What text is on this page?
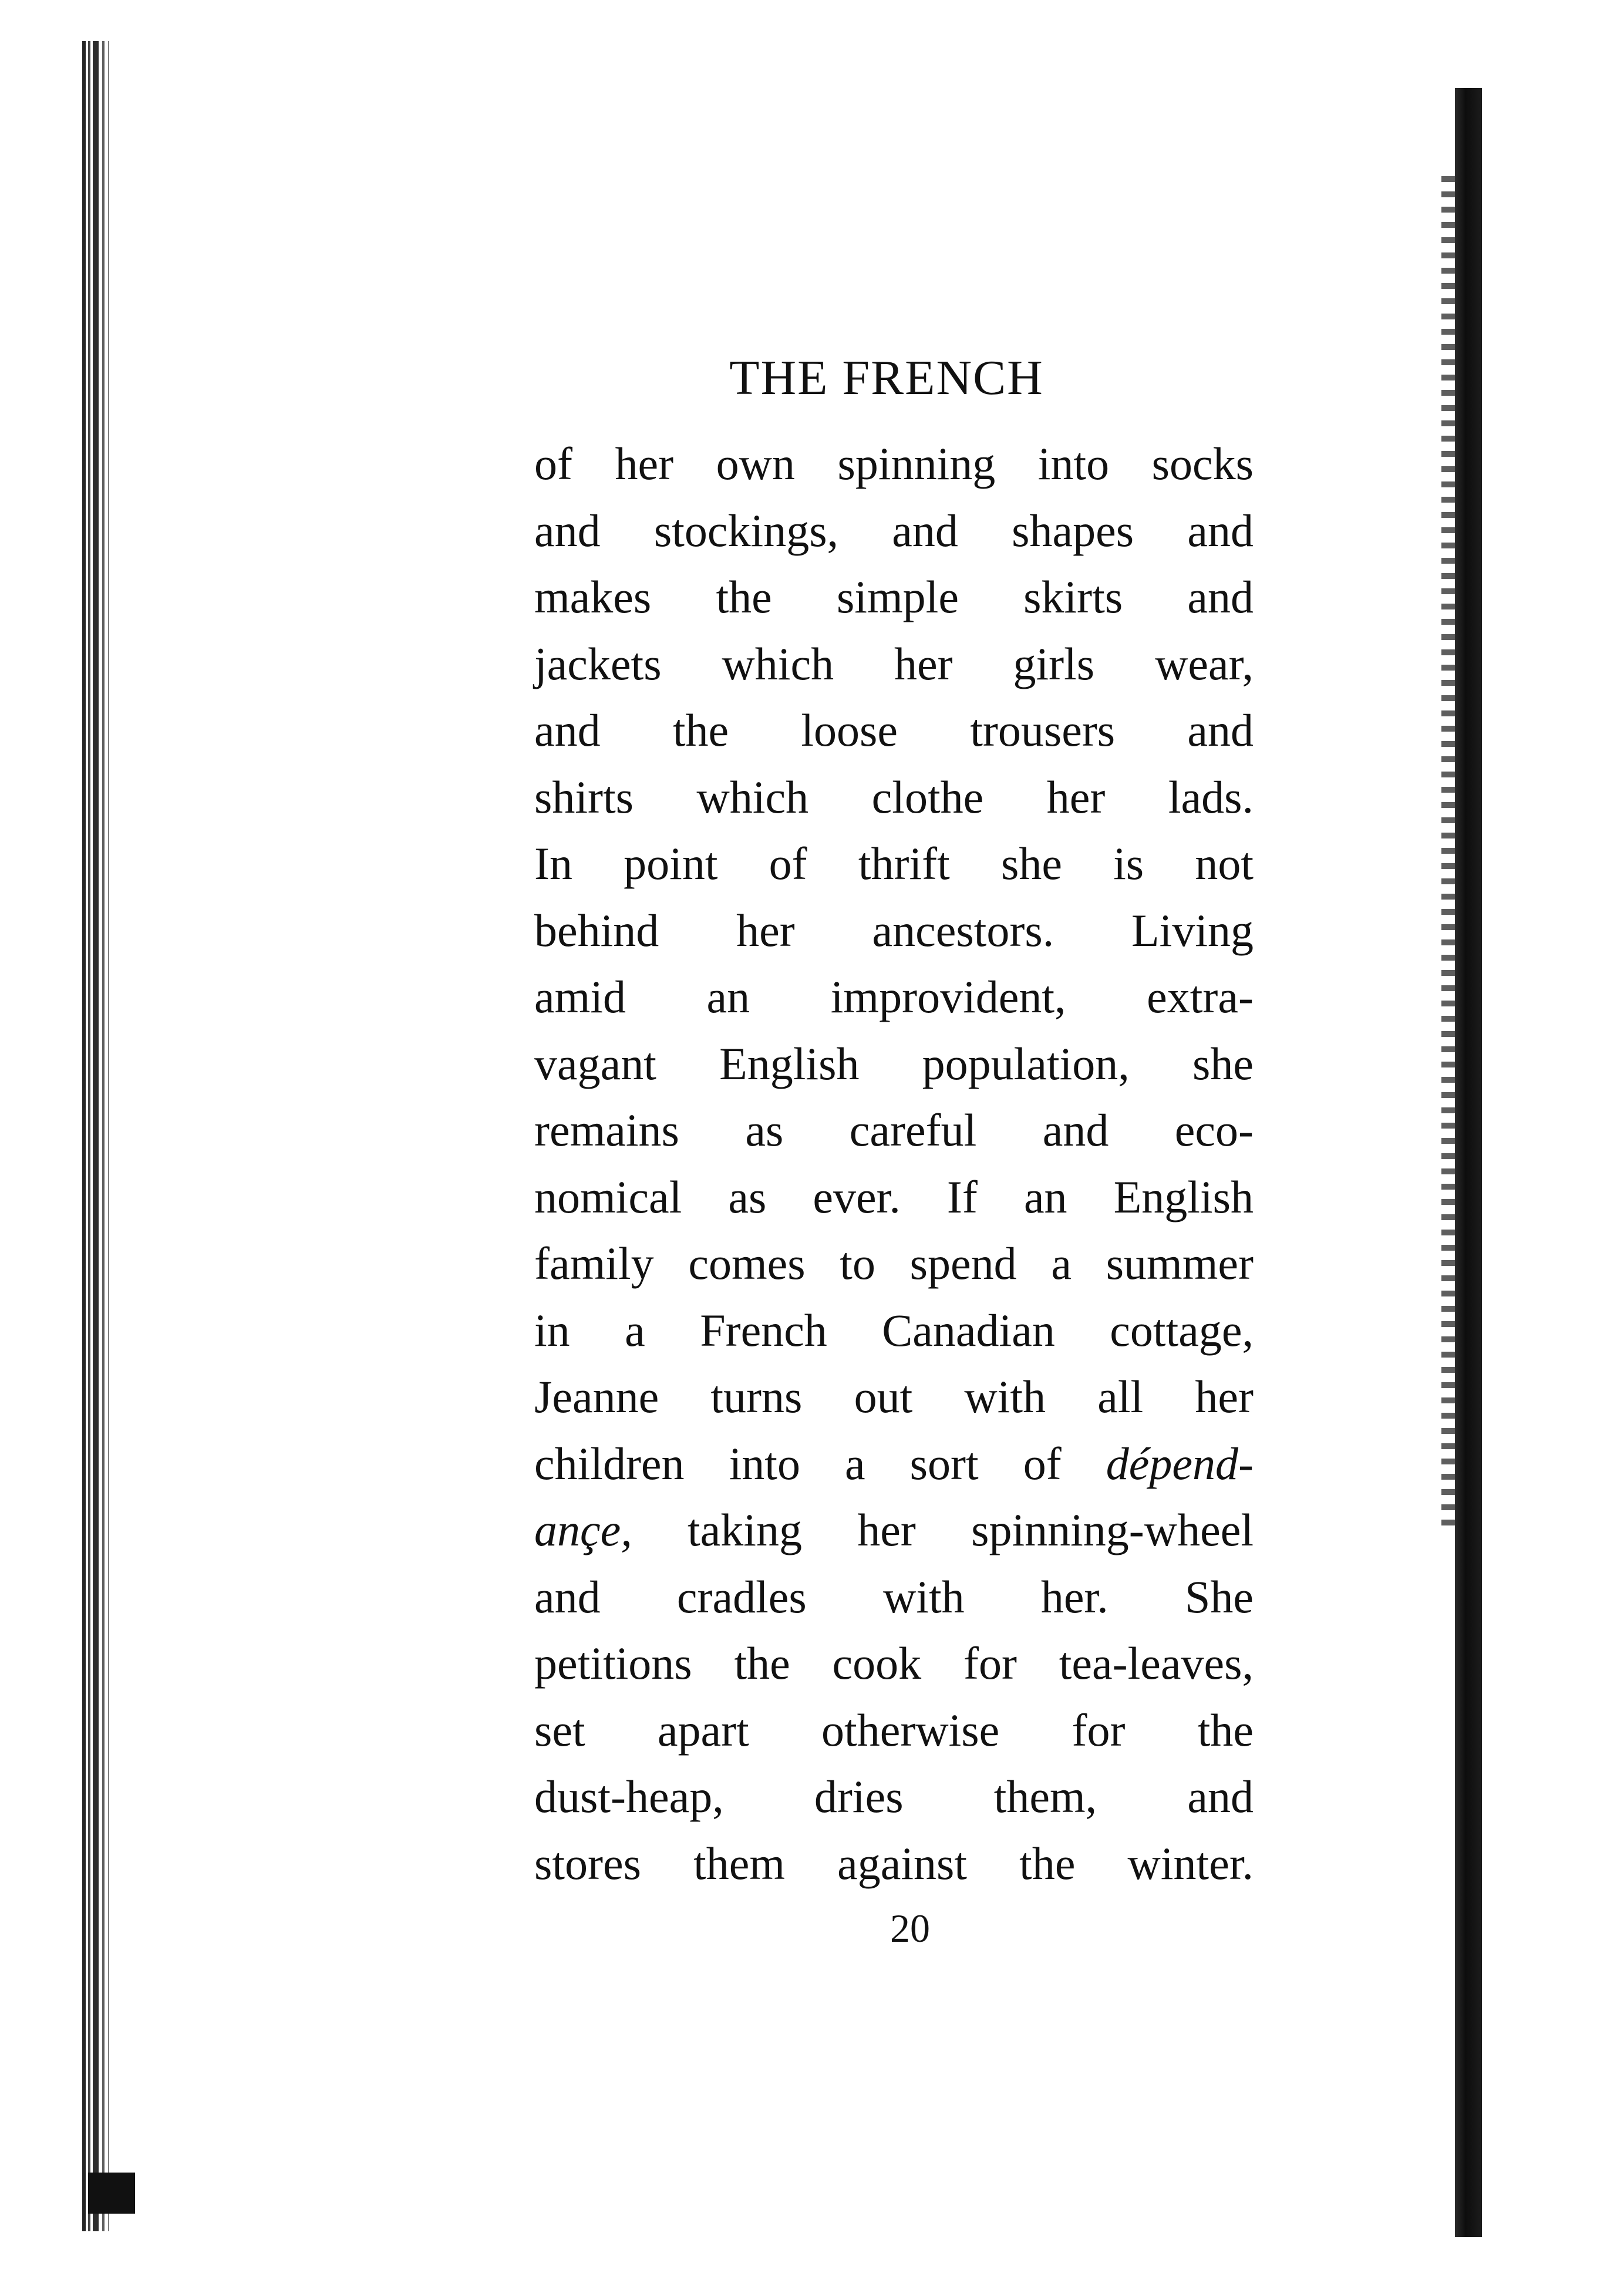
THE FRENCH
of her own spinning into socks
and stockings, and shapes and
makes the simple skirts and
jackets which her girls wear,
and the loose trousers and
shirts which clothe her lads.
In point of thrift she is not
behind her ancestors. Living
amid an improvident, extra-
vagant English population, she
remains as careful and eco-
nomical as ever. If an English
family comes to spend a summer
in a French Canadian cottage,
Jeanne turns out with all her
children into a sort of dépend-
ançe, taking her spinning-wheel
and cradles with her. She
petitions the cook for tea-leaves,
set apart otherwise for the
dust-heap, dries them, and
stores them against the winter.
20
